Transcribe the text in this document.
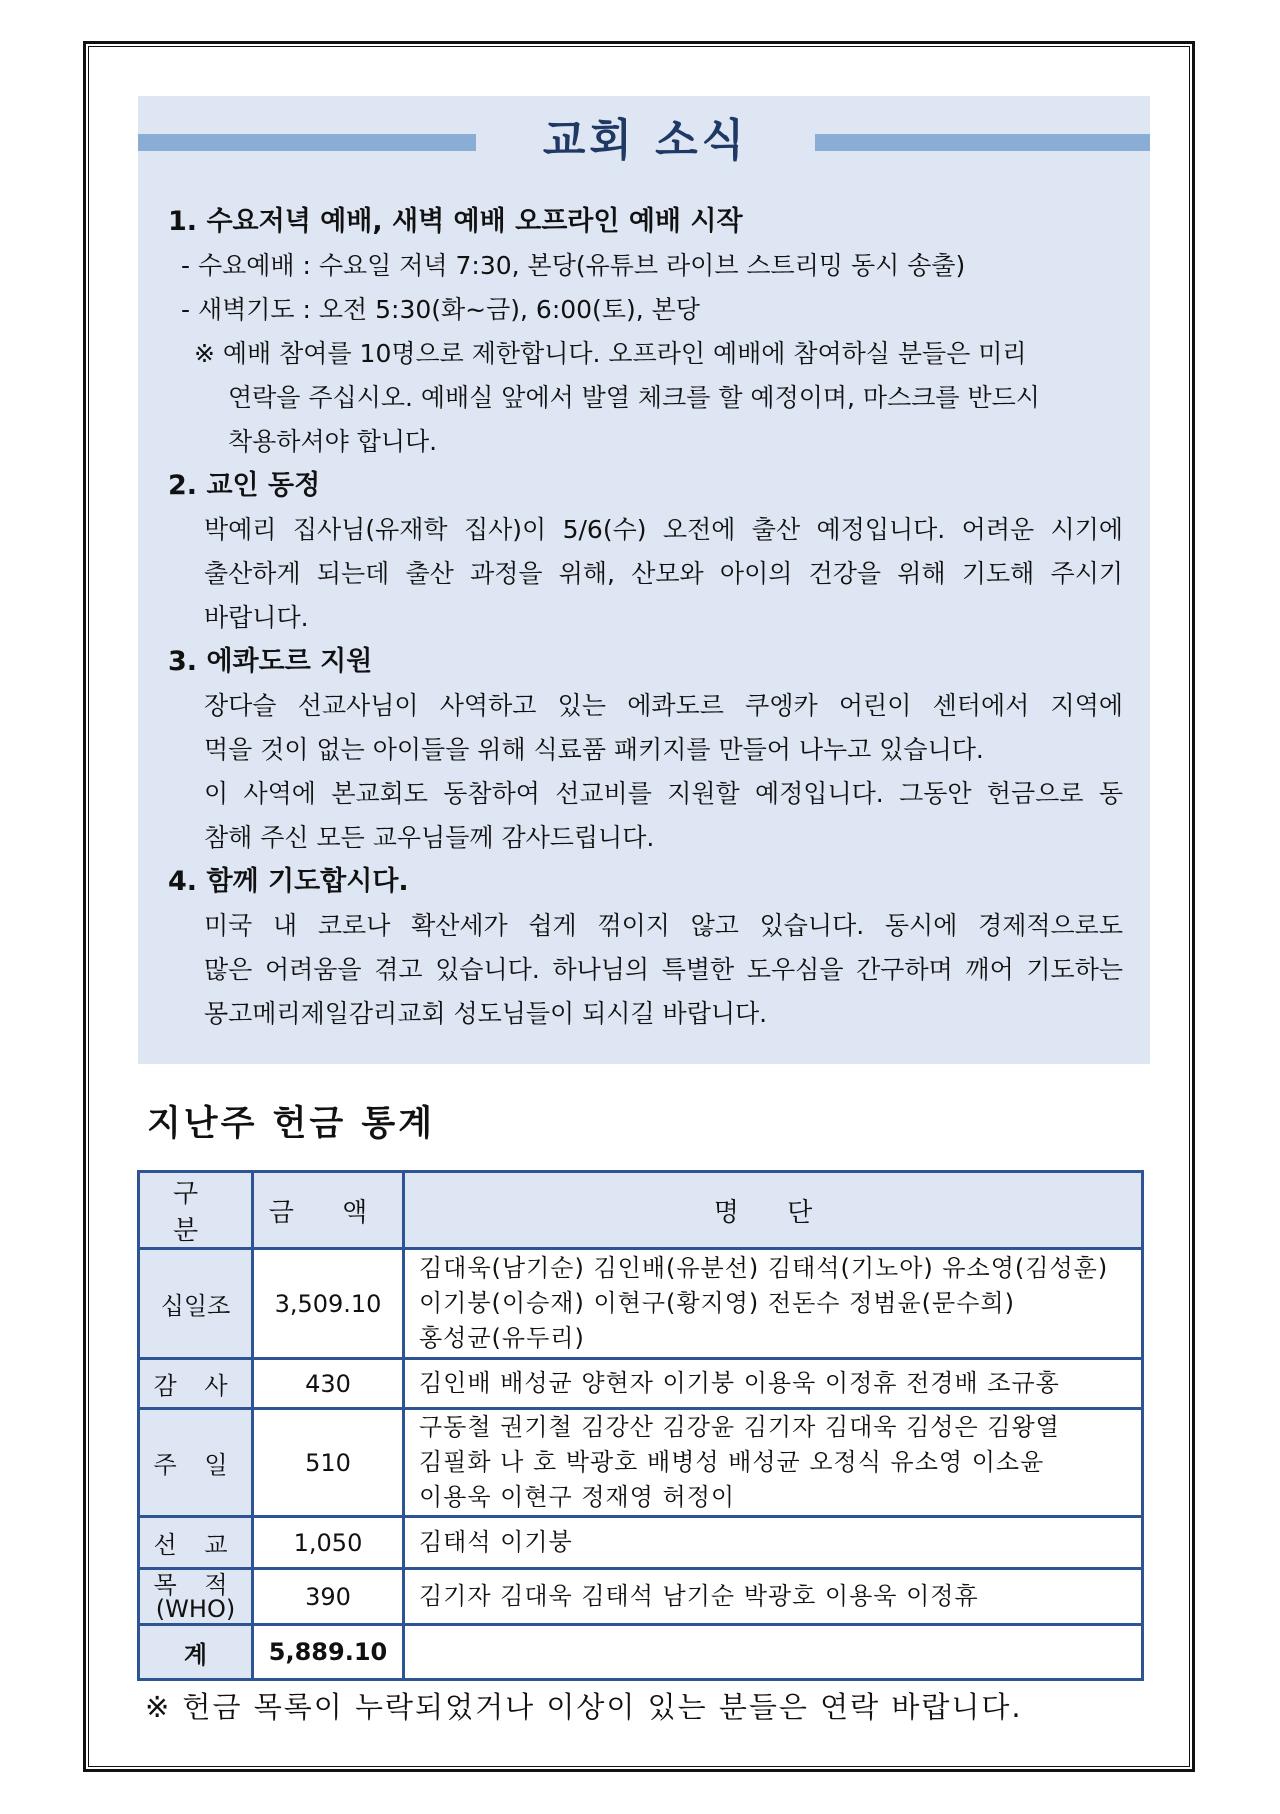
교회 소식
1. 수요저녁 예배, 새벽 예배 오프라인 예배 시작
- 수요예배 : 수요일 저녁 7:30, 본당(유튜브 라이브 스트리밍 동시 송출)
- 새벽기도 : 오전 5:30(화~금), 6:00(토), 본당
※ 예배 참여를 10명으로 제한합니다. 오프라인 예배에 참여하실 분들은 미리
연락을 주십시오. 예배실 앞에서 발열 체크를 할 예정이며, 마스크를 반드시
착용하셔야 합니다.
2. 교인 동정
박예리 집사님(유재학 집사)이 5/6(수) 오전에 출산 예정입니다. 어려운 시기에
출산하게 되는데 출산 과정을 위해, 산모와 아이의 건강을 위해 기도해 주시기
바랍니다.
3. 에콰도르 지원
장다슬 선교사님이 사역하고 있는 에콰도르 쿠엥카 어린이 센터에서 지역에
먹을 것이 없는 아이들을 위해 식료품 패키지를 만들어 나누고 있습니다.
이 사역에 본교회도 동참하여 선교비를 지원할 예정입니다. 그동안 헌금으로 동
참해 주신 모든 교우님들께 감사드립니다.
4. 함께 기도합시다.
미국 내 코로나 확산세가 쉽게 꺾이지 않고 있습니다. 동시에 경제적으로도
많은 어려움을 겪고 있습니다. 하나님의 특별한 도우심을 간구하며 깨어 기도하는
몽고메리제일감리교회 성도님들이 되시길 바랍니다.
지난주 헌금 통계
구 분	금 액	명 단
십일조	3,509.10	김대욱(남기순) 김인배(유분선) 김태석(기노아) 유소영(김성훈)
이기붕(이승재) 이현구(황지영) 전돈수 정범윤(문수희)
홍성균(유두리)

감 사	430	김인배 배성균 양현자 이기붕 이용욱 이정휴 전경배 조규홍

주 일	510	구동철 권기철 김강산 김강윤 김기자 김대욱 김성은 김왕열
김필화 나 호 박광호 배병성 배성균 오정식 유소영 이소윤
이용욱 이현구 정재영 허정이

선 교	1,050	김태석 이기붕

목 적
(WHO)	390	김기자 김대욱 김태석 남기순 박광호 이용욱 이정휴

계	5,889.10	
※ 헌금 목록이 누락되었거나 이상이 있는 분들은 연락 바랍니다.
